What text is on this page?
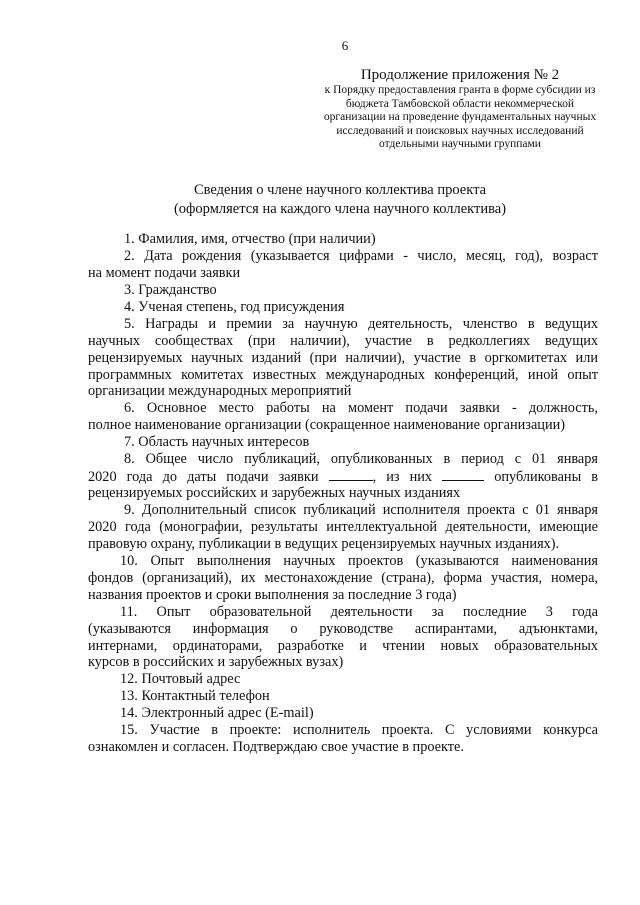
6
Продолжение приложения № 2
к Порядку предоставления гранта в форме субсидии из
бюджета Тамбовской области некоммерческой
организации на проведение фундаментальных научных
исследований и поисковых научных исследований
отдельными научными группами
Сведения о члене научного коллектива проекта
(оформляется на каждого члена научного коллектива)
1. Фамилия, имя, отчество (при наличии)
2. Дата рождения (указывается цифрами - число, месяц, год), возраст
на момент подачи заявки
3. Гражданство
4. Ученая степень, год присуждения
5. Награды и премии за научную деятельность, членство в ведущих
научных сообществах (при наличии), участие в редколлегиях ведущих
рецензируемых научных изданий (при наличии), участие в оргкомитетах или
программных комитетах известных международных конференций, иной опыт
организации международных мероприятий
6. Основное место работы на момент подачи заявки - должность,
полное наименование организации (сокращенное наименование организации)
7. Область научных интересов
8. Общее число публикаций, опубликованных в период с 01 января
2020 года до даты подачи заявки	, из них	опубликованы в
рецензируемых российских и зарубежных научных изданиях
9. Дополнительный список публикаций исполнителя проекта с 01 января
2020 года (монографии, результаты интеллектуальной деятельности, имеющие
правовую охрану, публикации в ведущих рецензируемых научных изданиях).
10. Опыт выполнения научных проектов (указываются наименования
фондов (организаций), их местонахождение (страна), форма участия, номера,
названия проектов и сроки выполнения за последние 3 года)
11. Опыт образовательной деятельности за последние 3 года
(указываются информация о руководстве аспирантами, адъюнктами,
интернами, ординаторами, разработке и чтении новых образовательных
курсов в российских и зарубежных вузах)
12. Почтовый адрес
13. Контактный телефон
14. Электронный адрес (E-mail)
15. Участие в проекте: исполнитель проекта. С условиями конкурса
ознакомлен и согласен. Подтверждаю свое участие в проекте.
